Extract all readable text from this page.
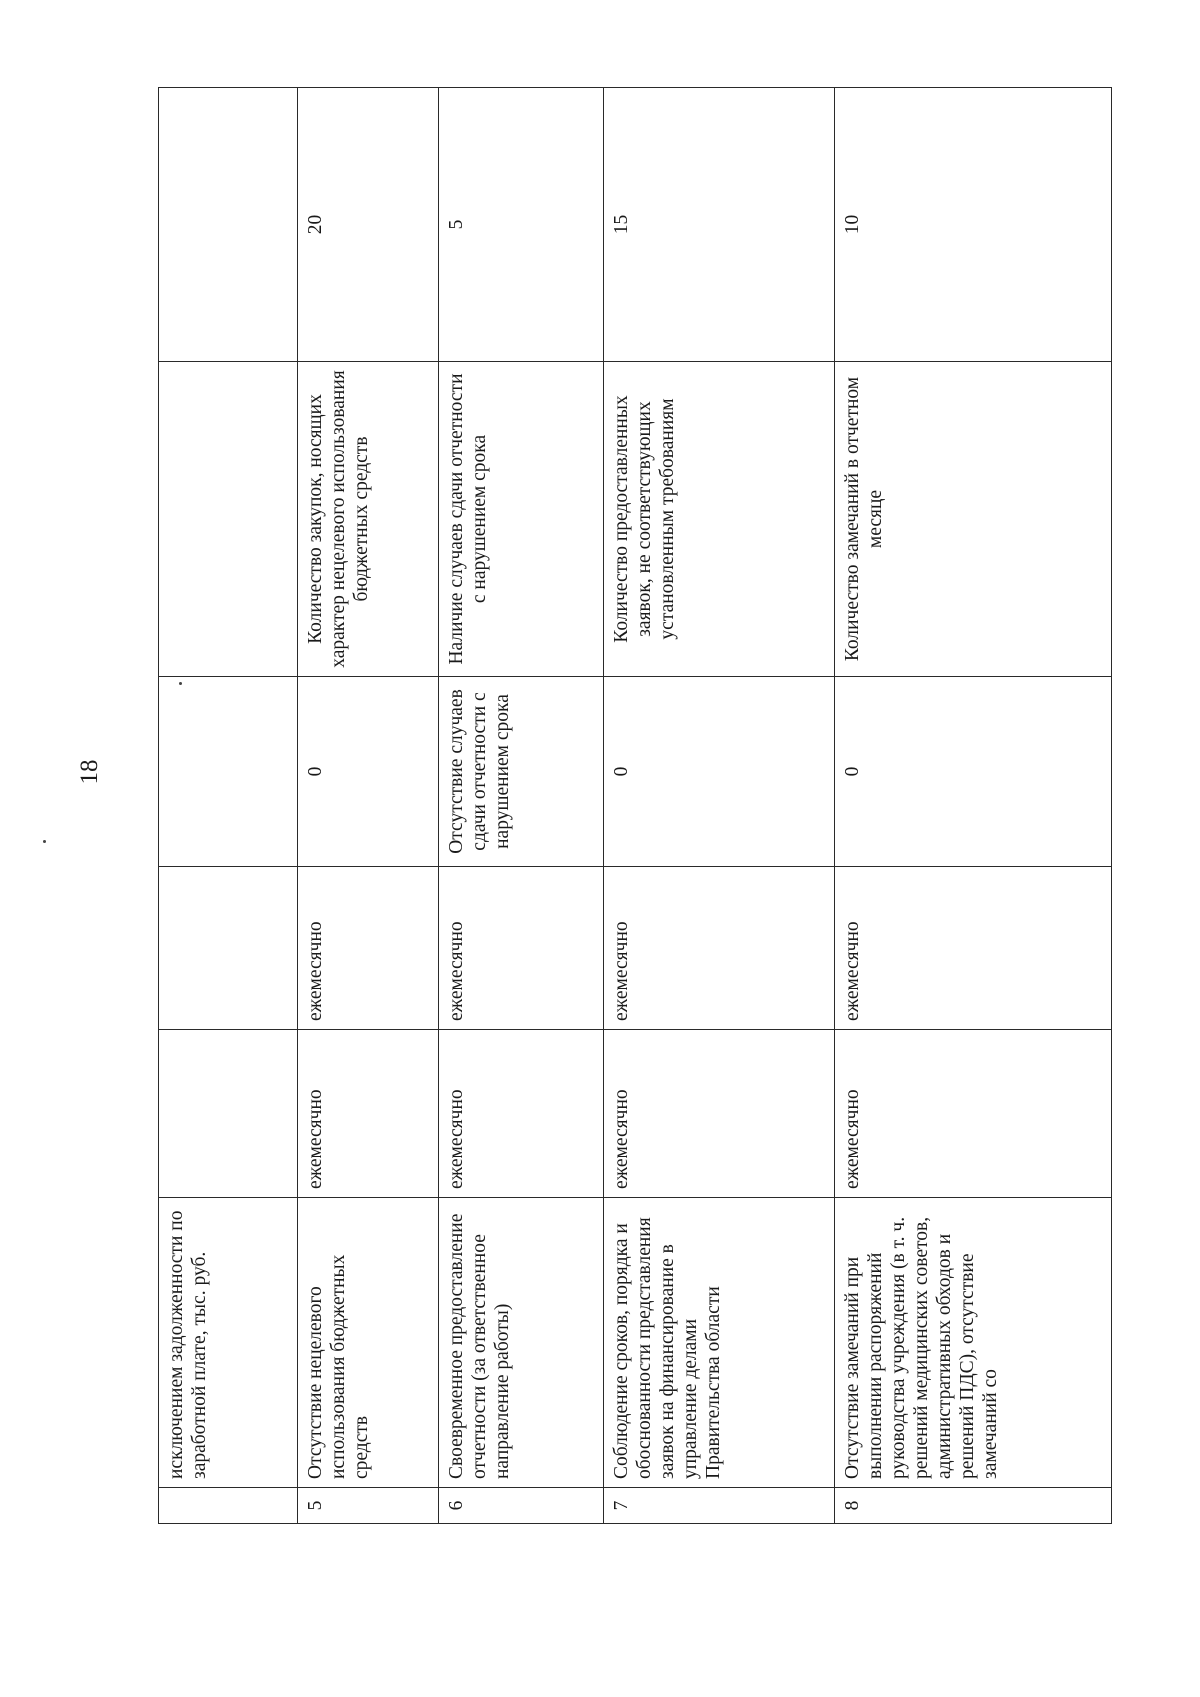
18
	исключением задолженности по заработной плате, тыс. руб.					
5	Отсутствие нецелевого использования бюджетных средств	ежемесячно	ежемесячно	0	Количество закупок, носящих характер нецелевого использования бюджетных средств	20
6	Своевременное предоставление отчетности (за ответственное направление работы)	ежемесячно	ежемесячно	Отсутствие случаев сдачи отчетности с нарушением срока	Наличие случаев сдачи отчетности с нарушением срока	5
7	Соблюдение сроков, порядка и обоснованности представления заявок на финансирование в управление делами Правительства области	ежемесячно	ежемесячно	0	Количество предоставленных заявок, не соответствующих установленным требованиям	15
8	Отсутствие замечаний при выполнении распоряжений руководства учреждения (в т. ч. решений медицинских советов, административных обходов и решений ПДС), отсутствие замечаний со	ежемесячно	ежемесячно	0	Количество замечаний в отчетном месяце	10
